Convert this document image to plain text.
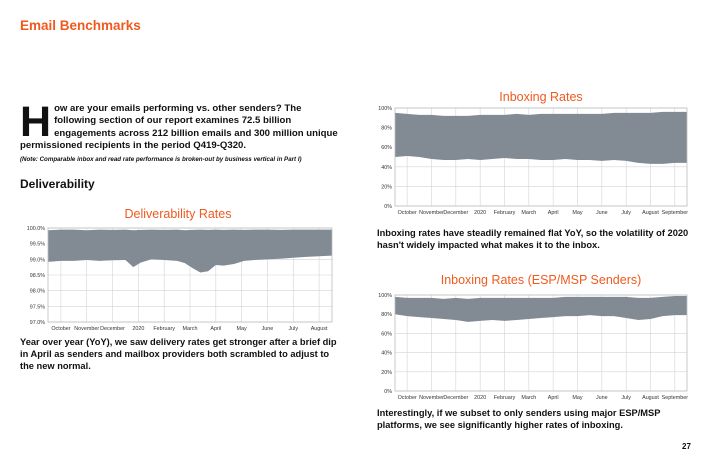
Email Benchmarks
How are your emails performing vs. other senders? The following section of our report examines 72.5 billion engagements across 212 billion emails and 300 million unique permissioned recipients in the period Q419-Q320.
(Note: Comparable inbox and read rate performance is broken-out by business vertical in Part I)
Deliverability
Deliverability Rates
97.0%
97.5%
98.0%
98.5%
99.0%
99.5%
100.0%
October November December 2020 February March April	May	June	July August
Year over year (YoY), we saw delivery rates get stronger after a brief dip in April as senders and mailbox providers both scrambled to adjust to the new normal.
Inboxing Rates
0%
20%
40%
60%
80%
100%
October November December 2020 February March April	May June	July August September
Inboxing rates have steadily remained flat YoY, so the volatility of 2020 hasn't widely impacted what makes it to the inbox.
Inboxing Rates (ESP/MSP Senders)
0%
20%
40%
60%
80%
100%
October November December 2020 February March April	May June	July August September
Interestingly, if we subset to only senders using major ESP/MSP platforms, we see significantly higher rates of inboxing.
27
